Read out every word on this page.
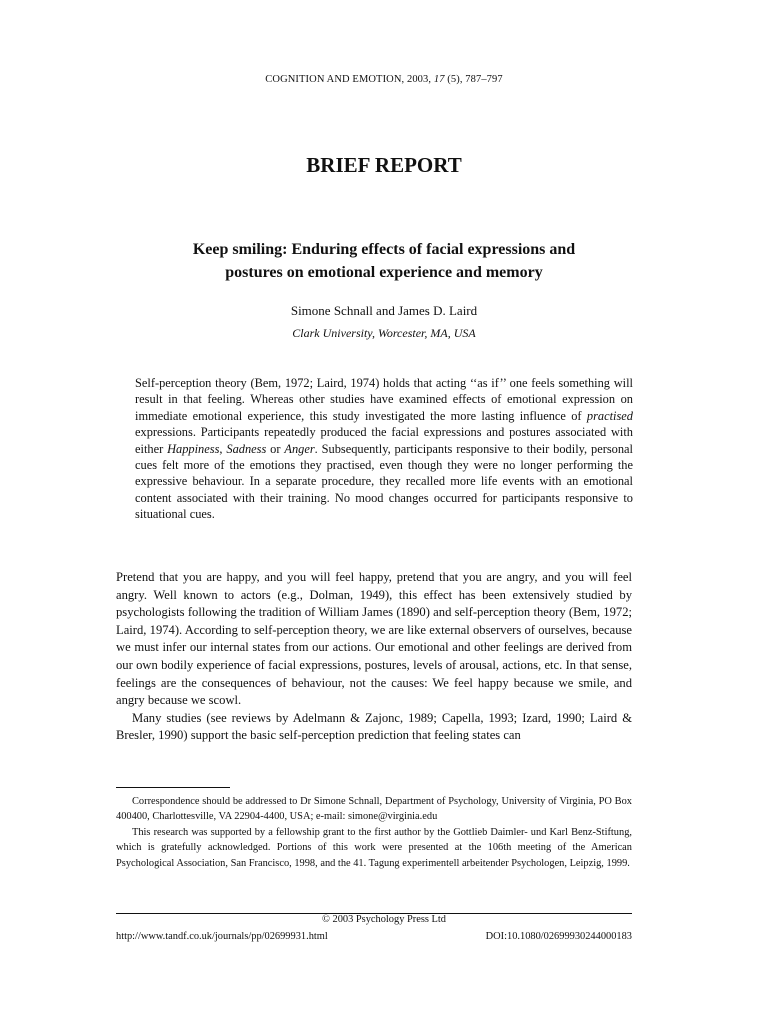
COGNITION AND EMOTION, 2003, 17 (5), 787–797
BRIEF REPORT
Keep smiling: Enduring effects of facial expressions and
postures on emotional experience and memory
Simone Schnall and James D. Laird
Clark University, Worcester, MA, USA
Self-perception theory (Bem, 1972; Laird, 1974) holds that acting ‘‘as if’’ one feels something will result in that feeling. Whereas other studies have examined effects of emotional expression on immediate emotional experience, this study investigated the more lasting influence of practised expressions. Participants repeatedly produced the facial expressions and postures associated with either Happiness, Sadness or Anger. Subsequently, participants responsive to their bodily, personal cues felt more of the emotions they practised, even though they were no longer performing the expressive behaviour. In a separate procedure, they recalled more life events with an emotional content associated with their training. No mood changes occurred for participants responsive to situational cues.

Pretend that you are happy, and you will feel happy, pretend that you are angry, and you will feel angry. Well known to actors (e.g., Dolman, 1949), this effect has been extensively studied by psychologists following the tradition of William James (1890) and self-perception theory (Bem, 1972; Laird, 1974). According to self-perception theory, we are like external observers of ourselves, because we must infer our internal states from our actions. Our emotional and other feelings are derived from our own bodily experience of facial expressions, postures, levels of arousal, actions, etc. In that sense, feelings are the consequences of behaviour, not the causes: We feel happy because we smile, and angry because we scowl.

Many studies (see reviews by Adelmann & Zajonc, 1989; Capella, 1993; Izard, 1990; Laird & Bresler, 1990) support the basic self-perception prediction that feeling states can

Correspondence should be addressed to Dr Simone Schnall, Department of Psychology, University of Virginia, PO Box 400400, Charlottesville, VA 22904-4400, USA; e-mail: simone@virginia.edu

This research was supported by a fellowship grant to the first author by the Gottlieb Daimler- und Karl Benz-Stiftung, which is gratefully acknowledged. Portions of this work were presented at the 106th meeting of the American Psychological Association, San Francisco, 1998, and the 41. Tagung experimentell arbeitender Psychologen, Leipzig, 1999.

© 2003 Psychology Press Ltd
http://www.tandf.co.uk/journals/pp/02699931.html	DOI:10.1080/02699930244000183
